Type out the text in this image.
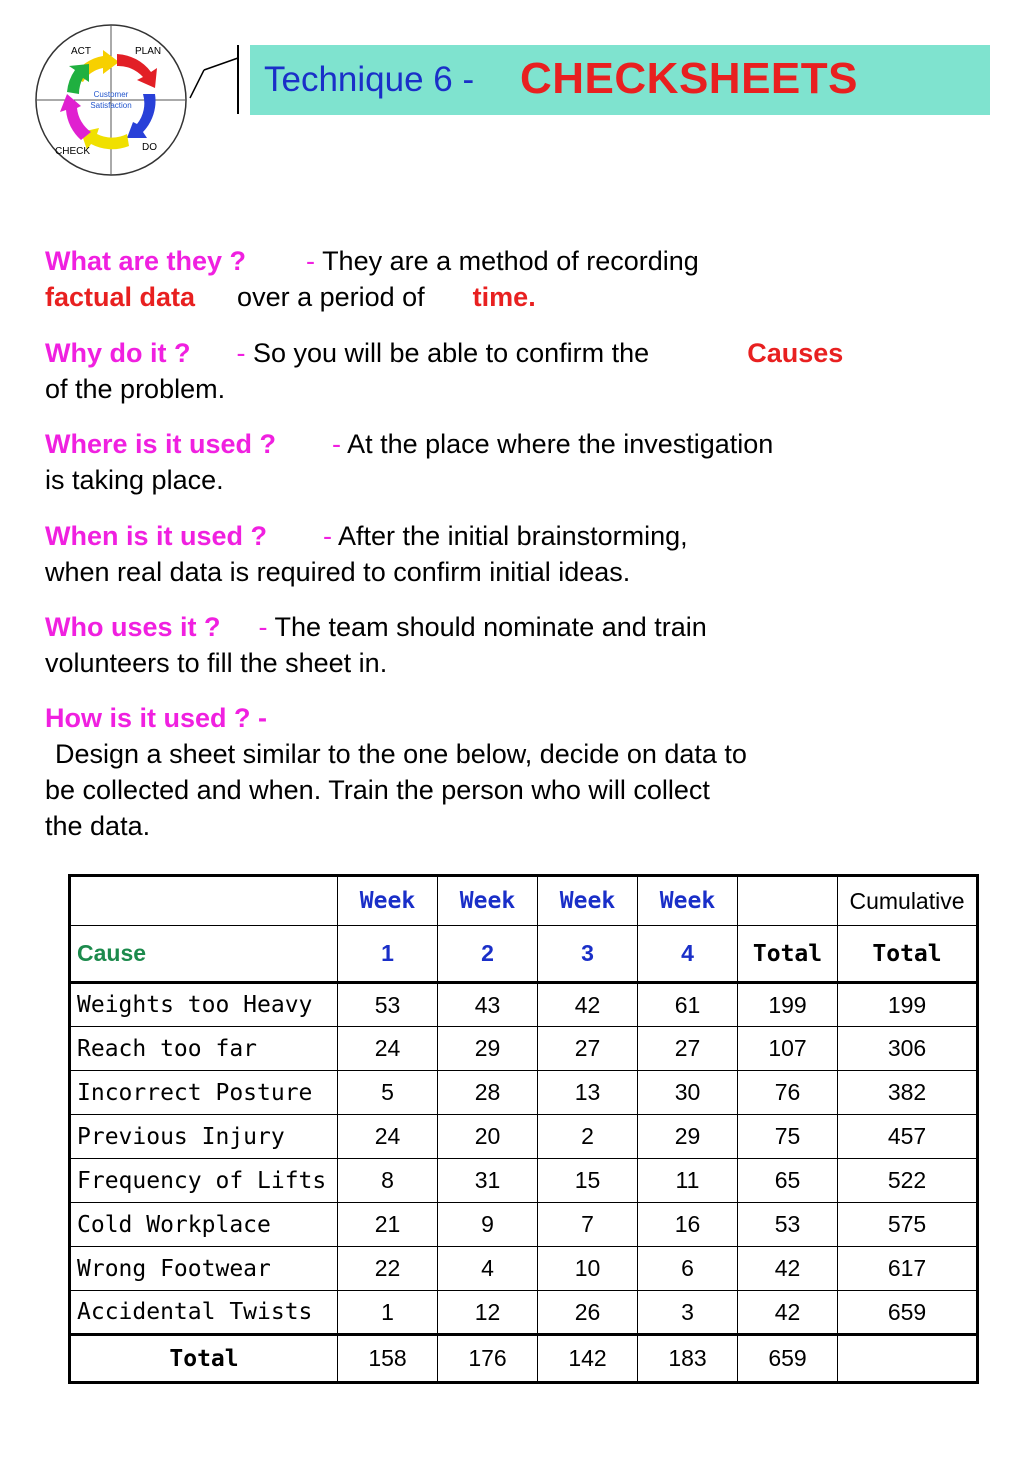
Customer
Satisfaction
ACT	PLAN
CHECK	DO
Technique 6 - CHECKSHEETS
What are they ? - They are a method of recording
factual data over a period of time.
Why do it ? - So you will be able to confirm the	Causes
of the problem.
Where is it used ? - At the place where the investigation
is taking place.
When is it used ? - After the initial brainstorming,
when real data is required to confirm initial ideas.
Who uses it ? - The team should nominate and train
volunteers to fill the sheet in.
How is it used ? -
Design a sheet similar to the one below, decide on data to
be collected and when. Train the person who will collect
the data.
	Week	Week	Week	Week		Cumulative
Cause	1	2	3	4	Total	Total
Weights too Heavy	53	43	42	61	199	199
Reach too far	24	29	27	27	107	306
Incorrect Posture	5	28	13	30	76	382
Previous Injury	24	20	2	29	75	457
Frequency of Lifts	8	31	15	11	65	522
Cold Workplace	21	9	7	16	53	575
Wrong Footwear	22	4	10	6	42	617
Accidental Twists	1	12	26	3	42	659
Total	158	176	142	183	659	
